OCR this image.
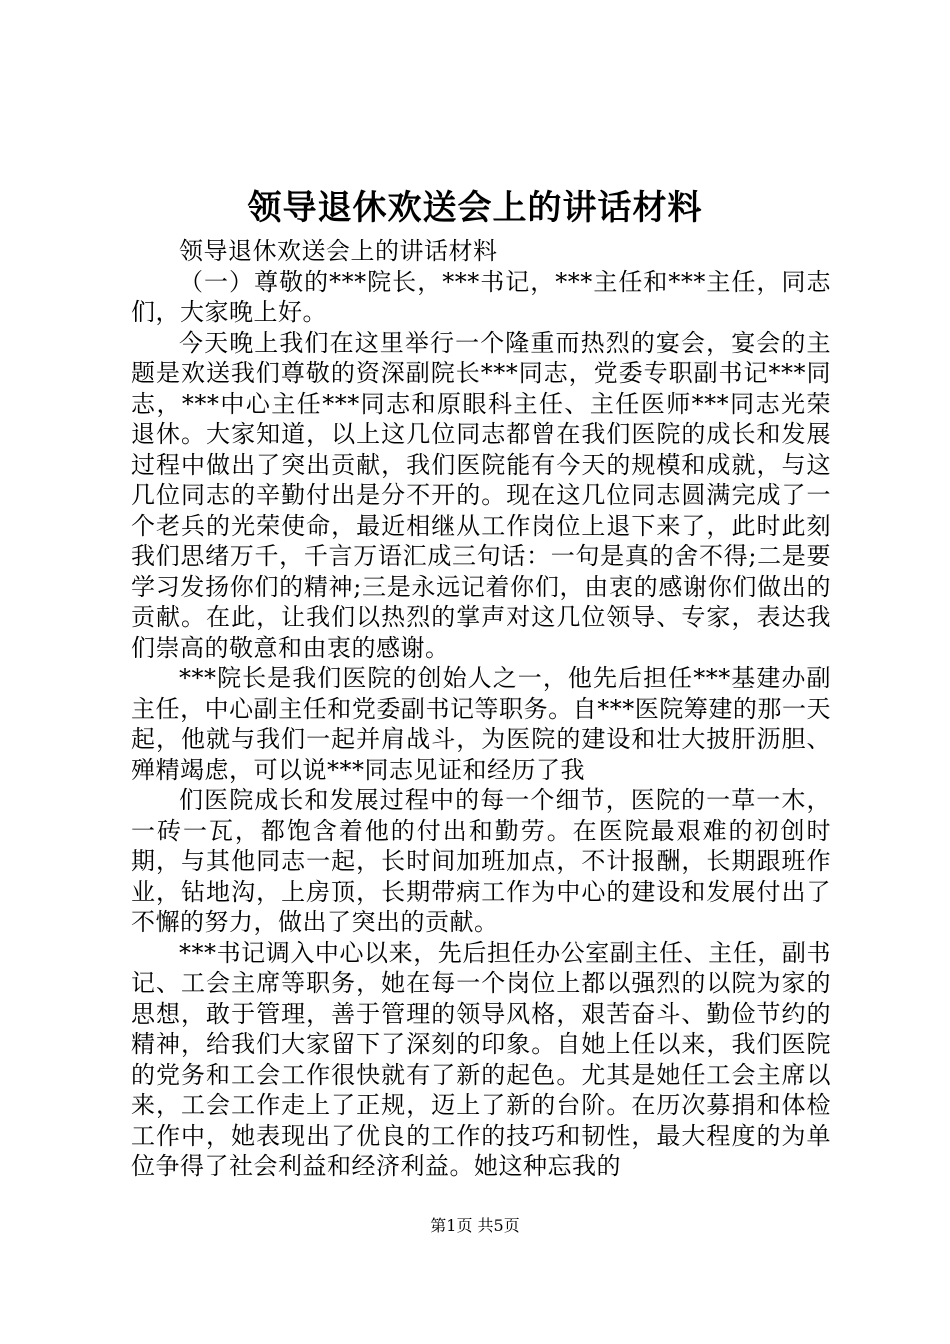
领导退休欢送会上的讲话材料

领导退休欢送会上的讲话材料

（一）尊敬的***院长，***书记，***主任和***主任，同志们，大家晚上好。

今天晚上我们在这里举行一个隆重而热烈的宴会，宴会的主题是欢送我们尊敬的资深副院长***同志，党委专职副书记***同志，***中心主任***同志和原眼科主任、主任医师***同志光荣退休。大家知道，以上这几位同志都曾在我们医院的成长和发展过程中做出了突出贡献，我们医院能有今天的规模和成就，与这几位同志的辛勤付出是分不开的。现在这几位同志圆满完成了一个老兵的光荣使命，最近相继从工作岗位上退下来了，此时此刻我们思绪万千，千言万语汇成三句话：一句是真的舍不得;二是要学习发扬你们的精神;三是永远记着你们，由衷的感谢你们做出的贡献。在此，让我们以热烈的掌声对这几位领导、专家，表达我们崇高的敬意和由衷的感谢。

***院长是我们医院的创始人之一，他先后担任***基建办副主任，中心副主任和党委副书记等职务。自***医院筹建的那一天起，他就与我们一起并肩战斗，为医院的建设和壮大披肝沥胆、殚精竭虑，可以说***同志见证和经历了我

们医院成长和发展过程中的每一个细节，医院的一草一木，一砖一瓦，都饱含着他的付出和勤劳。在医院最艰难的初创时期，与其他同志一起，长时间加班加点，不计报酬，长期跟班作业，钻地沟，上房顶，长期带病工作为中心的建设和发展付出了不懈的努力，做出了突出的贡献。

***书记调入中心以来，先后担任办公室副主任、主任，副书记、工会主席等职务，她在每一个岗位上都以强烈的以院为家的思想，敢于管理，善于管理的领导风格，艰苦奋斗、勤俭节约的精神，给我们大家留下了深刻的印象。自她上任以来，我们医院的党务和工会工作很快就有了新的起色。尤其是她任工会主席以来，工会工作走上了正规，迈上了新的台阶。在历次募捐和体检工作中，她表现出了优良的工作的技巧和韧性，最大程度的为单位争得了社会利益和经济利益。她这种忘我的

第1页 共5页
